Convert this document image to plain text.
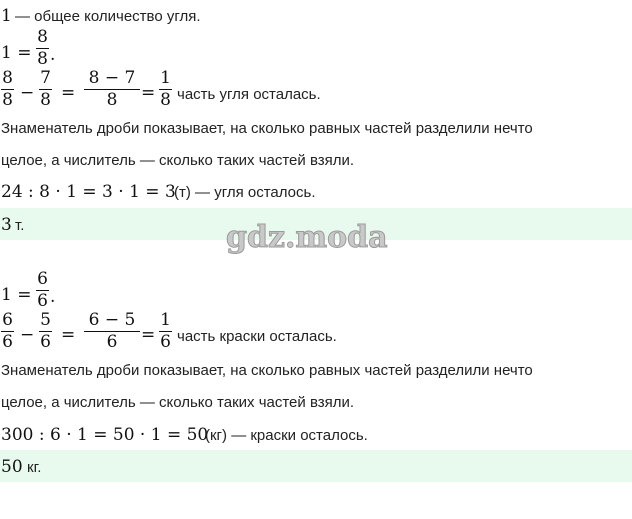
1 — общее количество угля.
1 =
8
8 .
8
8 −
7
8 =
8 − 7
8	=
1
8 часть угля осталась.
Знаменатель дроби показывает, на сколько равных частей разделили нечто
целое, а числитель — сколько таких частей взяли.
24 : 8 · 1 = 3 · 1 = 3
(т) — угля осталось.
3 т.	gdz.moda
1 =
6
6 .
6
6 −
5
6 =
6 − 5
6	=
1
6 часть краски осталась.
Знаменатель дроби показывает, на сколько равных частей разделили нечто
целое, а числитель — сколько таких частей взяли.
300 : 6 · 1 = 50 · 1 = 50
(кг) — краски осталось.
50 кг.
